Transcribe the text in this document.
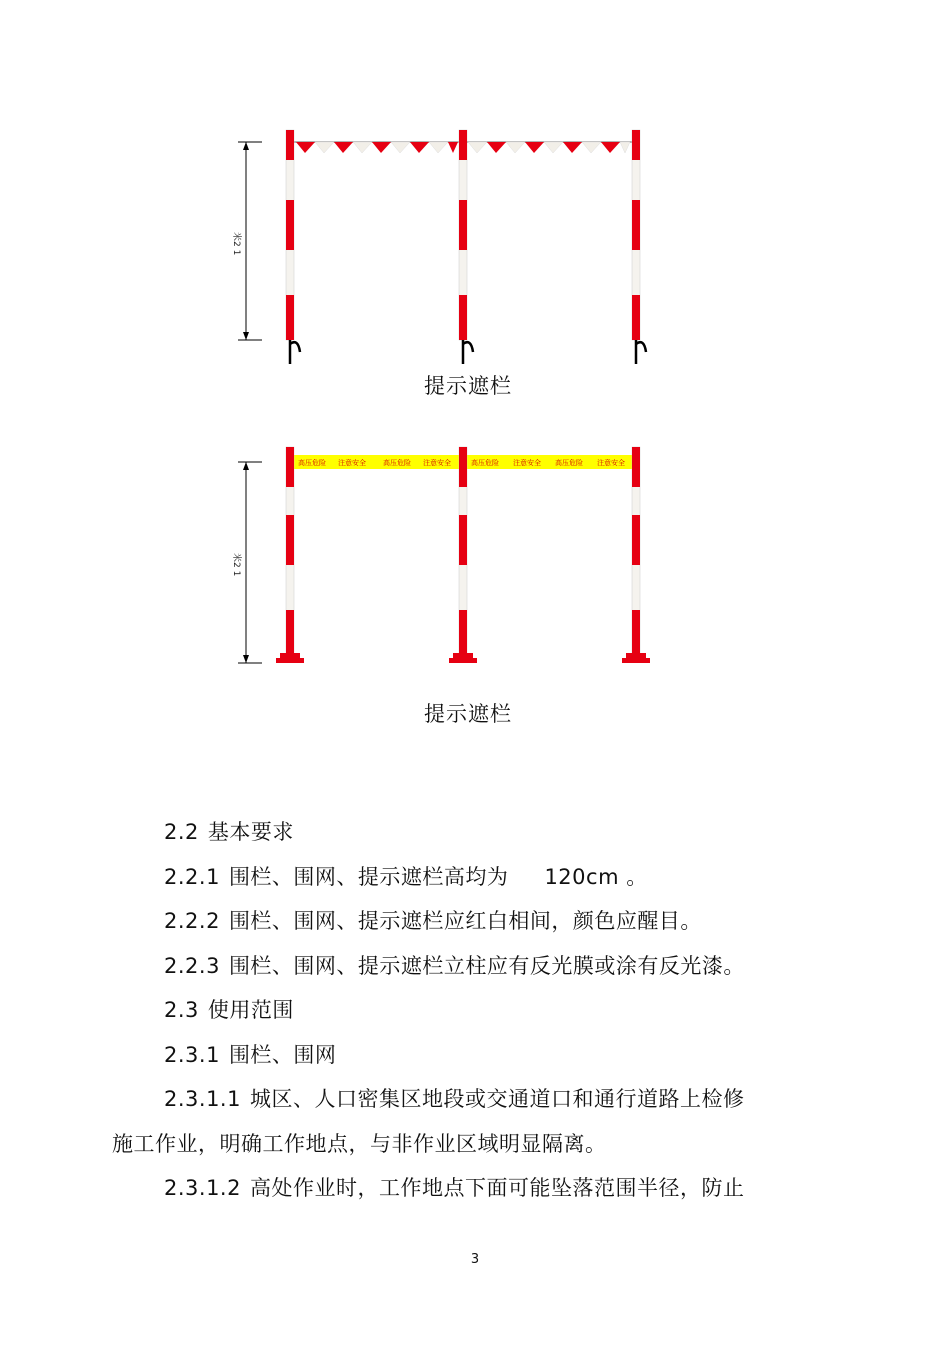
米2 1
提示遮栏
米2 1
高压危险 注意安全 高压危险 注意安全	高压危险 注意安全 高压危险 注意安全
提示遮栏
2.2 基本要求
2.2.1 围栏、围网、提示遮栏高均为 120cm 。
2.2.2 围栏、围网、提示遮栏应红白相间，颜色应醒目。
2.2.3 围栏、围网、提示遮栏立柱应有反光膜或涂有反光漆。
2.3 使用范围
2.3.1 围栏、围网
2.3.1.1 城区、人口密集区地段或交通道口和通行道路上检修
施工作业，明确工作地点，与非作业区域明显隔离。
2.3.1.2 高处作业时，工作地点下面可能坠落范围半径，防止
3
